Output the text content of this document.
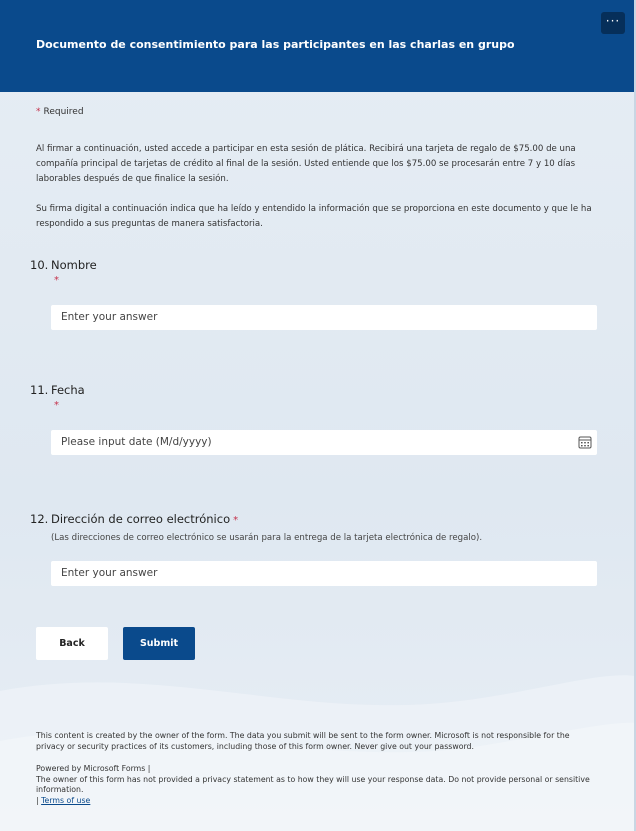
Documento de consentimiento para las participantes en las charlas en grupo
···
* Required

Al firmar a continuación, usted accede a participar en esta sesión de plática. Recibirá una tarjeta de regalo de $75.00 de una compañía principal de tarjetas de crédito al final de la sesión. Usted entiende que los $75.00 se procesarán entre 7 y 10 días laborables después de que finalice la sesión.

Su firma digital a continuación indica que ha leído y entendido la información que se proporciona en este documento y que le ha respondido a sus preguntas de manera satisfactoria.

10. Nombre
*
Enter your answer
11. Fecha
*
Please input date (M/d/yyyy)
12. Dirección de correo electrónico *
(Las direcciones de correo electrónico se usarán para la entrega de la tarjeta electrónica de regalo).
Enter your answer
Back	Submit
This content is created by the owner of the form. The data you submit will be sent to the form owner. Microsoft is not responsible for the privacy or security practices of its customers, including those of this form owner. Never give out your password.
Powered by Microsoft Forms |
The owner of this form has not provided a privacy statement as to how they will use your response data. Do not provide personal or sensitive information.
| Terms of use
